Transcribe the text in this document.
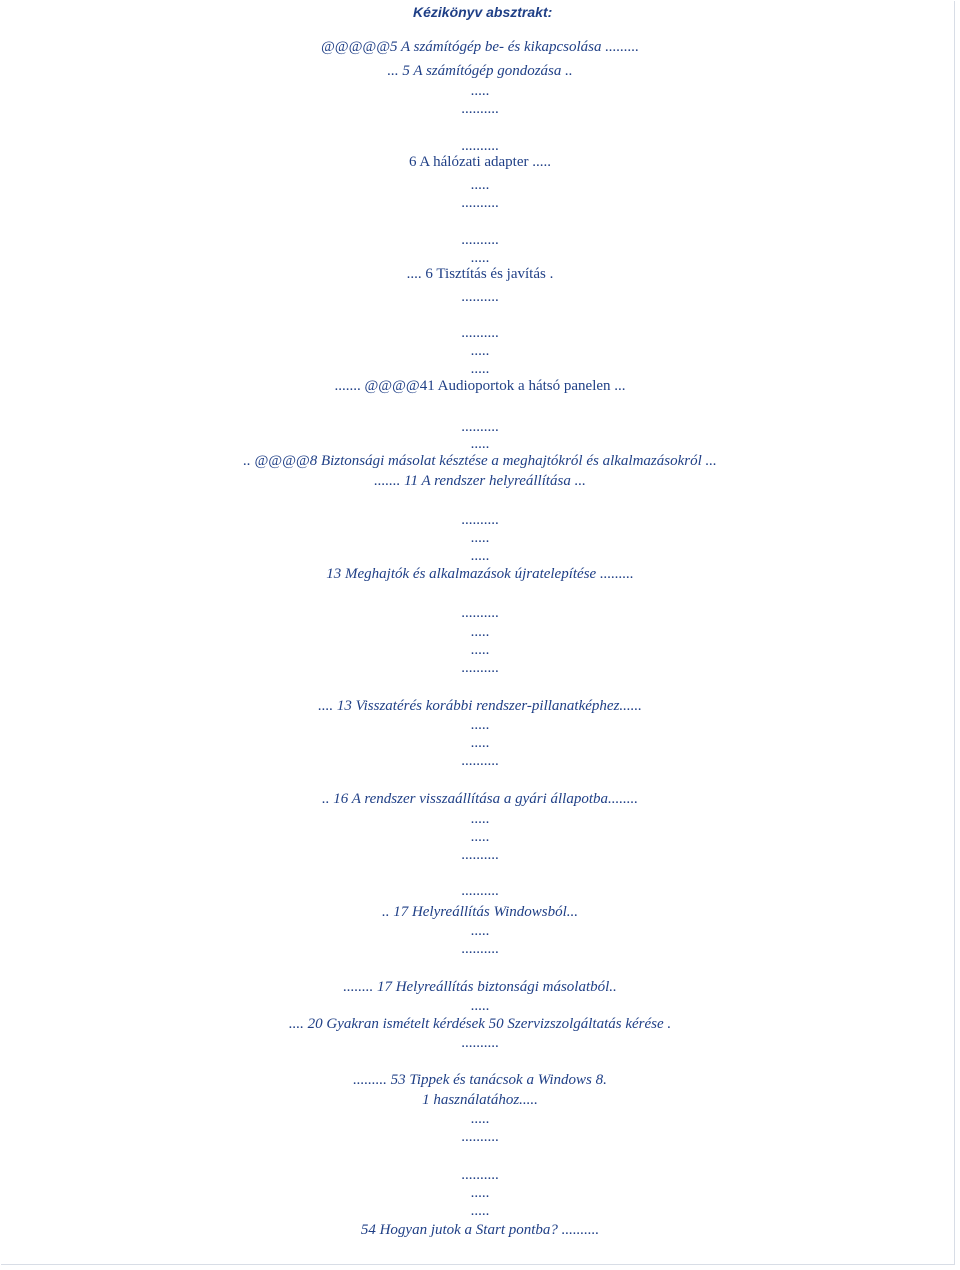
Kézikönyv absztrakt:
@@@@@5 A számítógép be- és kikapcsolása .........
... 5 A számítógép gondozása ..
.....
..........
..........
6 A hálózati adapter .....
.....
..........
..........
.....
.... 6 Tisztítás és javítás .
..........
..........
.....
.....
....... @@@@41 Audioportok a hátsó panelen ...
..........
.....
.. @@@@8 Biztonsági másolat késztése a meghajtókról és alkalmazásokról ...
....... 11 A rendszer helyreállítása ...
..........
.....
.....
13 Meghajtók és alkalmazások újratelepítése .........
..........
.....
.....
..........
.... 13 Visszatérés korábbi rendszer-pillanatképhez......
.....
.....
..........
.. 16 A rendszer visszaállítása a gyári állapotba........
.....
.....
..........
..........
.. 17 Helyreállítás Windowsból...
.....
..........
........ 17 Helyreállítás biztonsági másolatból..
.....
.... 20 Gyakran ismételt kérdések 50 Szervizszolgáltatás kérése .
..........
......... 53 Tippek és tanácsok a Windows 8.
1 használatához.....
.....
..........
..........
.....
.....
54 Hogyan jutok a Start pontba? ..........
